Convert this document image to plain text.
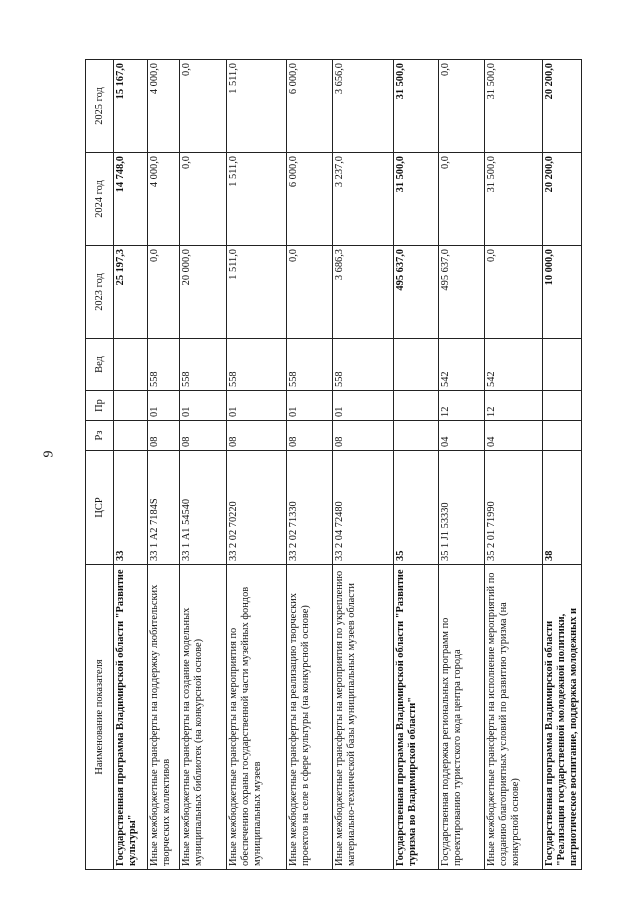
9
Наименование показателя	ЦСР	Рз	Пр	Вед	2023 год	2024 год	2025 год
Государственная программа Владимирской области "Развитие культуры"	33				25 197,3	14 748,0	15 167,0
Иные межбюджетные трансферты на поддержку любительских творческих коллективов	33 1 А2 7184S	08	01	558	0,0	4 000,0	4 000,0
Иные межбюджетные трансферты на создание модельных муниципальных библиотек (на конкурсной основе)	33 1 А1 54540	08	01	558	20 000,0	0,0	0,0
Иные межбюджетные трансферты на мероприятия по обеспечению охраны государственной части музейных фондов муниципальных музеев	33 2 02 70220	08	01	558	1 511,0	1 511,0	1 511,0
Иные межбюджетные трансферты на реализацию творческих проектов на селе в сфере культуры (на конкурсной основе)	33 2 02 71330	08	01	558	0,0	6 000,0	6 000,0
Иные межбюджетные трансферты на мероприятия по укреплению материально-технической базы муниципальных музеев области	33 2 04 72480	08	01	558	3 686,3	3 237,0	3 656,0
Государственная программа Владимирской области "Развитие туризма во Владимирской области"	35				495 637,0	31 500,0	31 500,0
Государственная поддержка региональных программ по проектированию туристского кода центра города	35 1 J1 53330	04	12	542	495 637,0	0,0	0,0
Иные межбюджетные трансферты на исполнение мероприятий по созданию благоприятных условий по развитию туризма (на конкурсной основе)	35 2 01 71990	04	12	542	0,0	31 500,0	31 500,0
Государственная программа Владимирской области "Реализация государственной молодежной политики, патриотическое воспитание, поддержка молодежных и	38				10 000,0	20 200,0	20 200,0
